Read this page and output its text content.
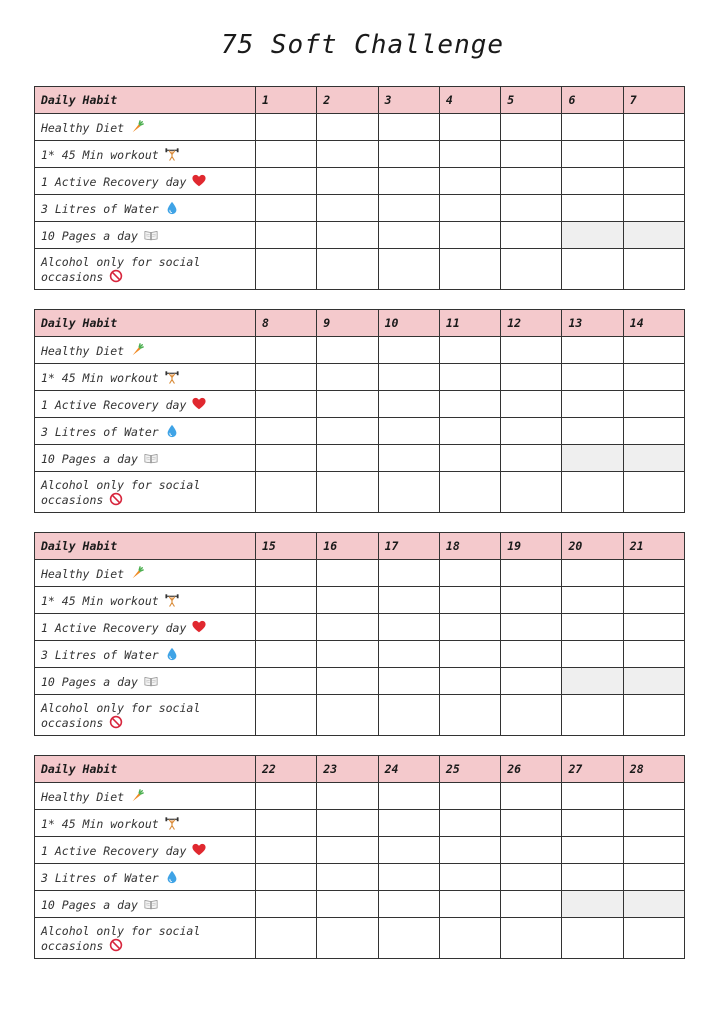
75 Soft Challenge
Daily Habit	1	2	3	4	5	6	7
Healthy Diet							
1* 45 Min workout							
1 Active Recovery day							
3 Litres of Water							
10 Pages a day							
Alcohol only for social occasions							
Daily Habit	8	9	10	11	12	13	14
Healthy Diet							
1* 45 Min workout							
1 Active Recovery day							
3 Litres of Water							
10 Pages a day							
Alcohol only for social occasions							
Daily Habit	15	16	17	18	19	20	21
Healthy Diet							
1* 45 Min workout							
1 Active Recovery day							
3 Litres of Water							
10 Pages a day							
Alcohol only for social occasions							
Daily Habit	22	23	24	25	26	27	28
Healthy Diet							
1* 45 Min workout							
1 Active Recovery day							
3 Litres of Water							
10 Pages a day							
Alcohol only for social occasions							
